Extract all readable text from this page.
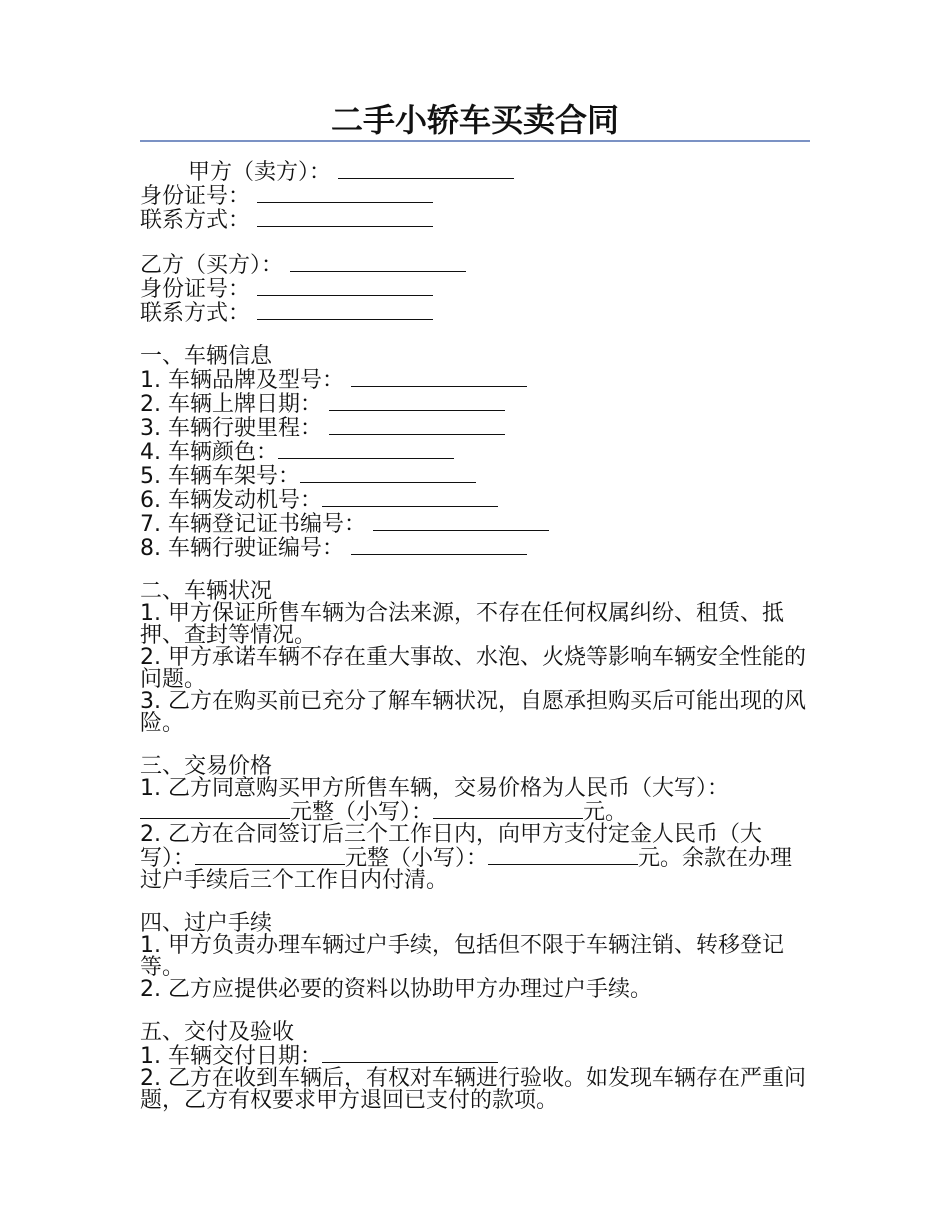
二手小轿车买卖合同
甲方（卖方）：
身份证号：
联系方式：
乙方（买方）：
身份证号：
联系方式：
一、车辆信息
1. 车辆品牌及型号：
2. 车辆上牌日期：
3. 车辆行驶里程：
4. 车辆颜色：
5. 车辆车架号：
6. 车辆发动机号：
7. 车辆登记证书编号：
8. 车辆行驶证编号：
二、车辆状况
1. 甲方保证所售车辆为合法来源，不存在任何权属纠纷、租赁、抵押、查封等情况。
2. 甲方承诺车辆不存在重大事故、水泡、火烧等影响车辆安全性能的问题。
3. 乙方在购买前已充分了解车辆状况，自愿承担购买后可能出现的风险。
三、交易价格
1. 乙方同意购买甲方所售车辆，交易价格为人民币（大写）：元整（小写）：	元。
2. 乙方在合同签订后三个工作日内，向甲方支付定金人民币（大写）：	元整（小写）：	元。余款在办理过户手续后三个工作日内付清。
四、过户手续
1. 甲方负责办理车辆过户手续，包括但不限于车辆注销、转移登记等。
2. 乙方应提供必要的资料以协助甲方办理过户手续。
五、交付及验收
1. 车辆交付日期：
2. 乙方在收到车辆后，有权对车辆进行验收。如发现车辆存在严重问题，乙方有权要求甲方退回已支付的款项。
